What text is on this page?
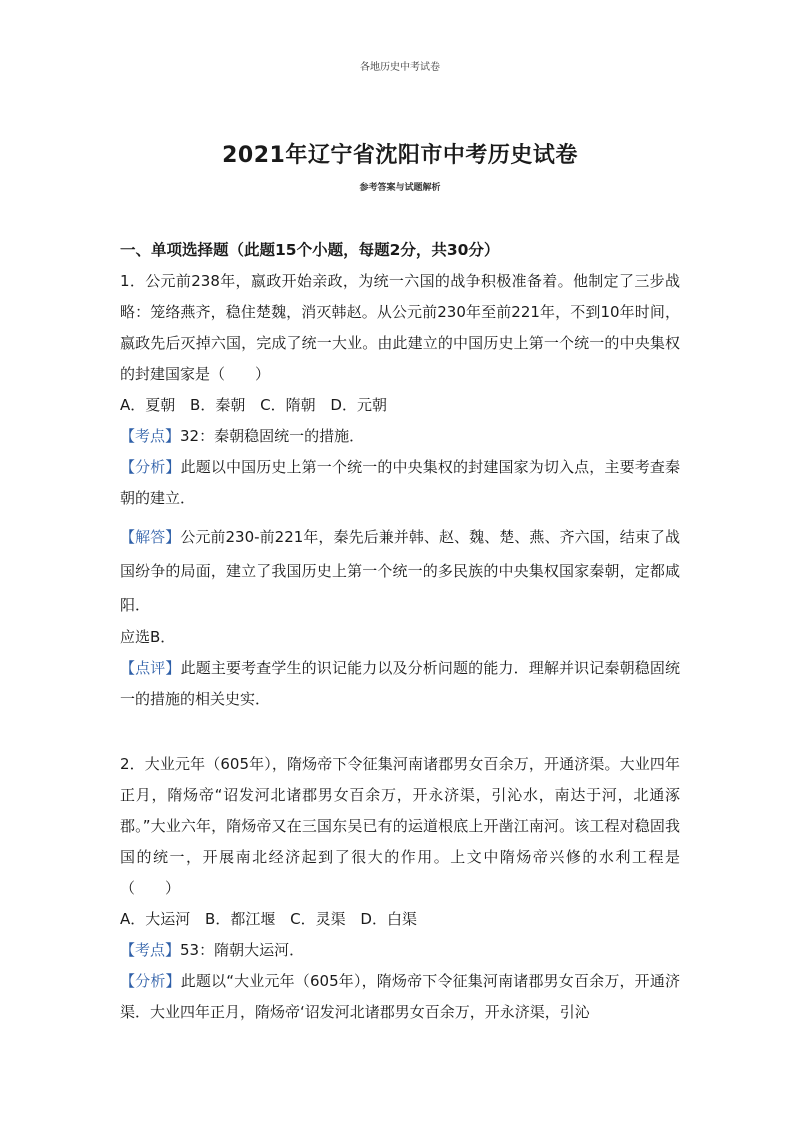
各地历史中考试卷
2021年辽宁省沈阳市中考历史试卷
参考答案与试题解析
一、单项选择题（此题15个小题，每题2分，共30分）

1．公元前238年，嬴政开始亲政，为统一六国的战争积极准备着。他制定了三步战略：笼络燕齐，稳住楚魏，消灭韩赵。从公元前230年至前221年，不到10年时间，嬴政先后灭掉六国，完成了统一大业。由此建立的中国历史上第一个统一的中央集权的封建国家是（　　）

A．夏朝 B．秦朝 C．隋朝 D．元朝

【考点】32：秦朝稳固统一的措施．

【分析】此题以中国历史上第一个统一的中央集权的封建国家为切入点，主要考查秦朝的建立．

【解答】公元前230-前221年，秦先后兼并韩、赵、魏、楚、燕、齐六国，结束了战国纷争的局面，建立了我国历史上第一个统一的多民族的中央集权国家秦朝，定都咸阳．

应选B．

【点评】此题主要考查学生的识记能力以及分析问题的能力．理解并识记秦朝稳固统一的措施的相关史实．

2．大业元年（605年），隋炀帝下令征集河南诸郡男女百余万，开通济渠。大业四年正月，隋炀帝“诏发河北诸郡男女百余万，开永济渠，引沁水，南达于河，北通涿郡。”大业六年，隋炀帝又在三国东吴已有的运道根底上开凿江南河。该工程对稳固我国的统一，开展南北经济起到了很大的作用。上文中隋炀帝兴修的水利工程是（　　）

A．大运河 B．都江堰 C．灵渠 D．白渠

【考点】53：隋朝大运河．

【分析】此题以“大业元年（605年），隋炀帝下令征集河南诸郡男女百余万，开通济渠．大业四年正月，隋炀帝‘诏发河北诸郡男女百余万，开永济渠，引沁
